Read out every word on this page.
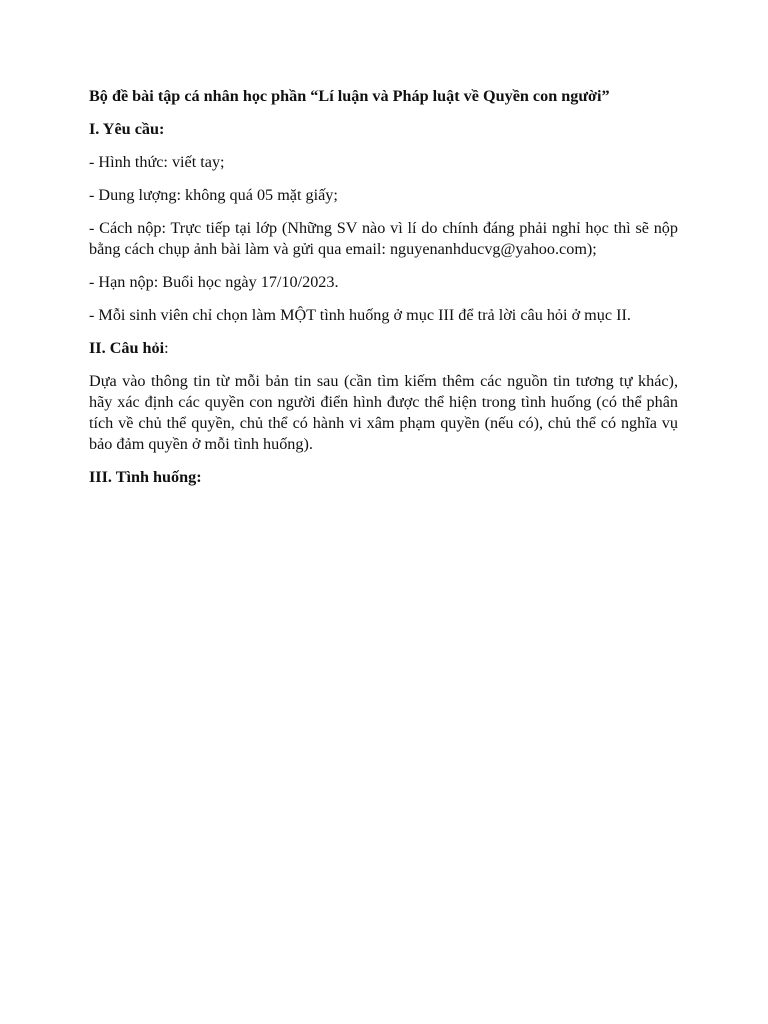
Bộ đề bài tập cá nhân học phần “Lí luận và Pháp luật về Quyền con người”
I. Yêu cầu:
- Hình thức: viết tay;
- Dung lượng: không quá 05 mặt giấy;
- Cách nộp: Trực tiếp tại lớp (Những SV nào vì lí do chính đáng phải nghỉ học thì sẽ nộp bằng cách chụp ảnh bài làm và gửi qua email: nguyenanhducvg@yahoo.com);
- Hạn nộp: Buổi học ngày 17/10/2023.
- Mỗi sinh viên chỉ chọn làm MỘT tình huống ở mục III để trả lời câu hỏi ở mục II.
II. Câu hỏi:
Dựa vào thông tin từ mỗi bản tin sau (cần tìm kiếm thêm các nguồn tin tương tự khác), hãy xác định các quyền con người điển hình được thể hiện trong tình huống (có thể phân tích về chủ thể quyền, chủ thể có hành vi xâm phạm quyền (nếu có), chủ thể có nghĩa vụ bảo đảm quyền ở mỗi tình huống).
III. Tình huống:
